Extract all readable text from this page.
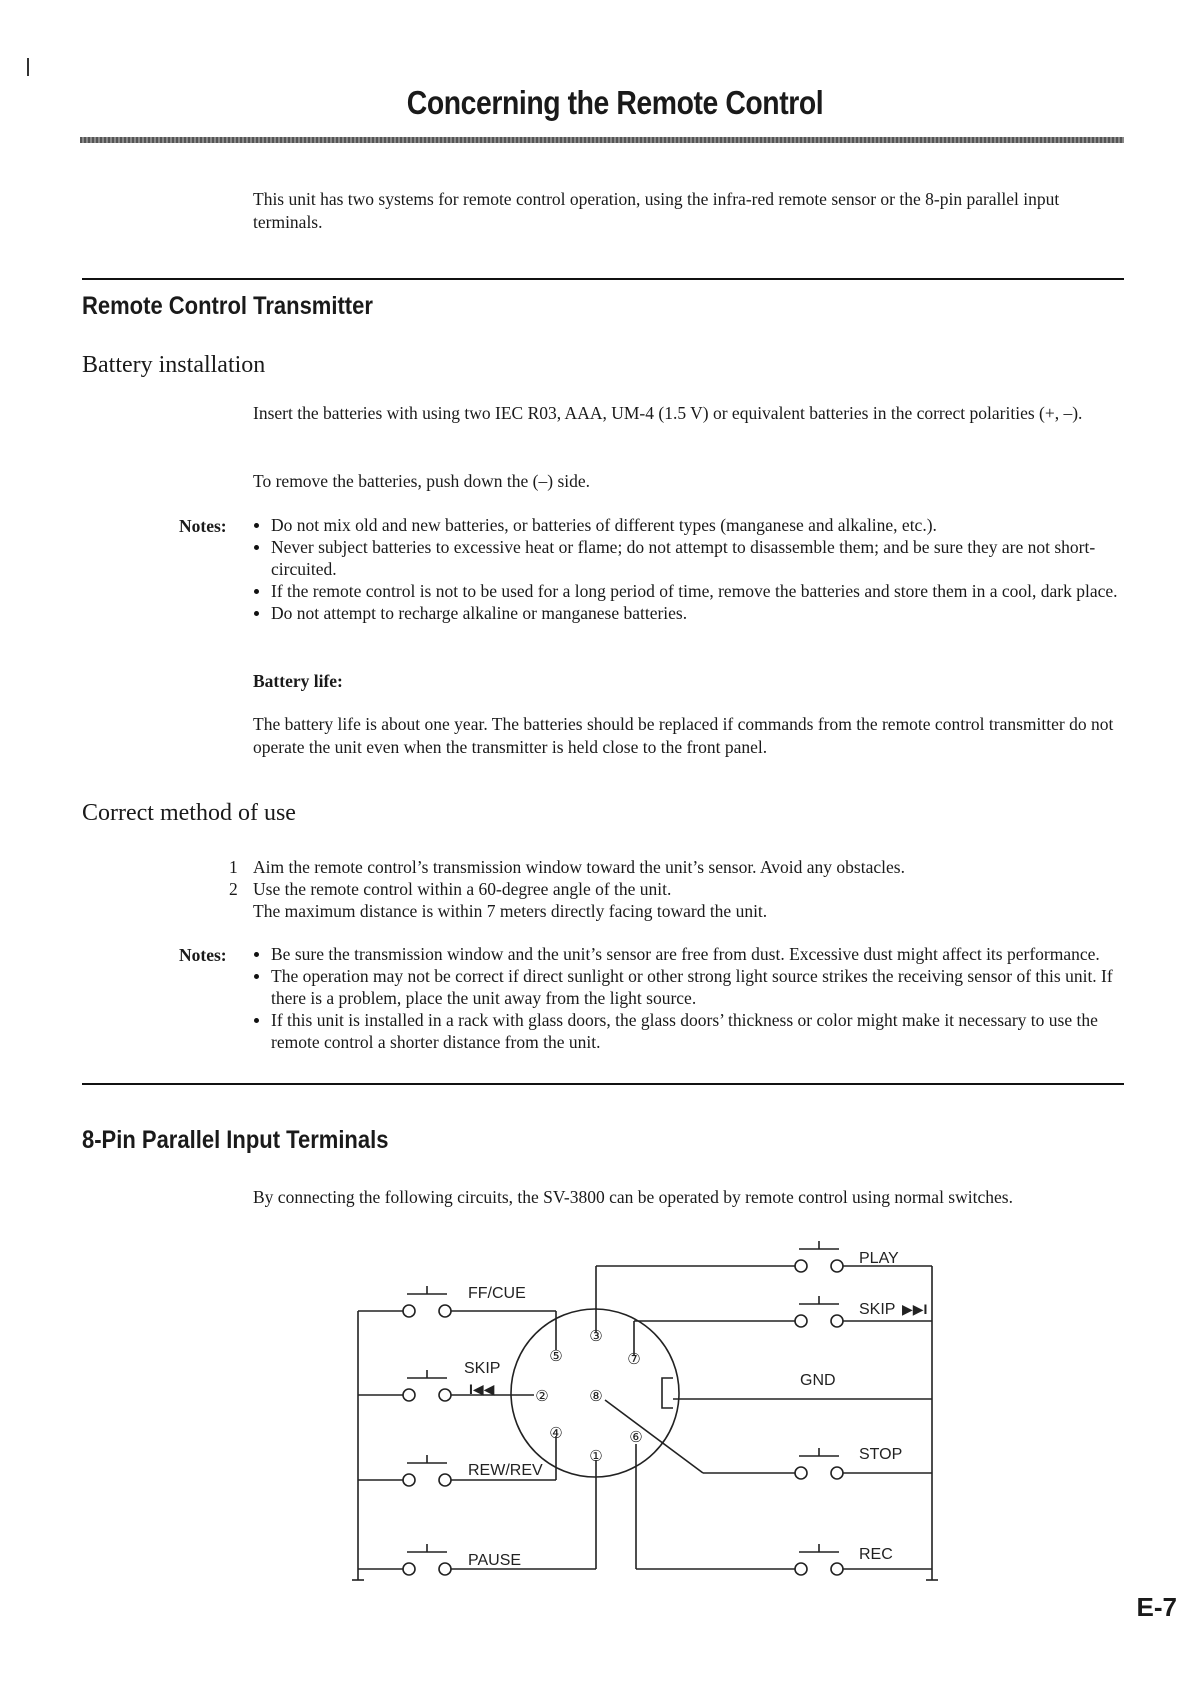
Concerning the Remote Control
This unit has two systems for remote control operation, using the infra-red remote sensor or the 8-pin parallel input terminals.
Remote Control Transmitter
Battery installation
Insert the batteries with using two IEC R03, AAA, UM-4 (1.5 V) or equivalent batteries in the correct polarities (+, –).
To remove the batteries, push down the (–) side.
Notes:	Do not mix old and new batteries, or batteries of different types (manganese and alkaline, etc.).
Never subject batteries to excessive heat or flame; do not attempt to disassemble them; and be sure they are not short-circuited.
If the remote control is not to be used for a long period of time, remove the batteries and store them in a cool, dark place.
Do not attempt to recharge alkaline or manganese batteries.
Battery life:
The battery life is about one year. The batteries should be replaced if commands from the remote control transmitter do not operate the unit even when the transmitter is held close to the front panel.
Correct method of use
1 Aim the remote control’s transmission window toward the unit’s sensor. Avoid any obstacles.
2 Use the remote control within a 60-degree angle of the unit.
The maximum distance is within 7 meters directly facing toward the unit.
Notes:	Be sure the transmission window and the unit’s sensor are free from dust. Excessive dust might affect its performance.
The operation may not be correct if direct sunlight or other strong light source strikes the receiving sensor of this unit. If there is a problem, place the unit away from the light source.
If this unit is installed in a rack with glass doors, the glass doors’ thickness or color might make it necessary to use the remote control a shorter distance from the unit.
8-Pin Parallel Input Terminals
By connecting the following circuits, the SV-3800 can be operated by remote control using normal switches.
③
⑤	⑦
②	⑧
④	⑥
①
FF/CUE
SKIP
I◀◀
REW/REV
PAUSE
PLAY
SKIP ▶▶I
GND
STOP
REC
E-7
